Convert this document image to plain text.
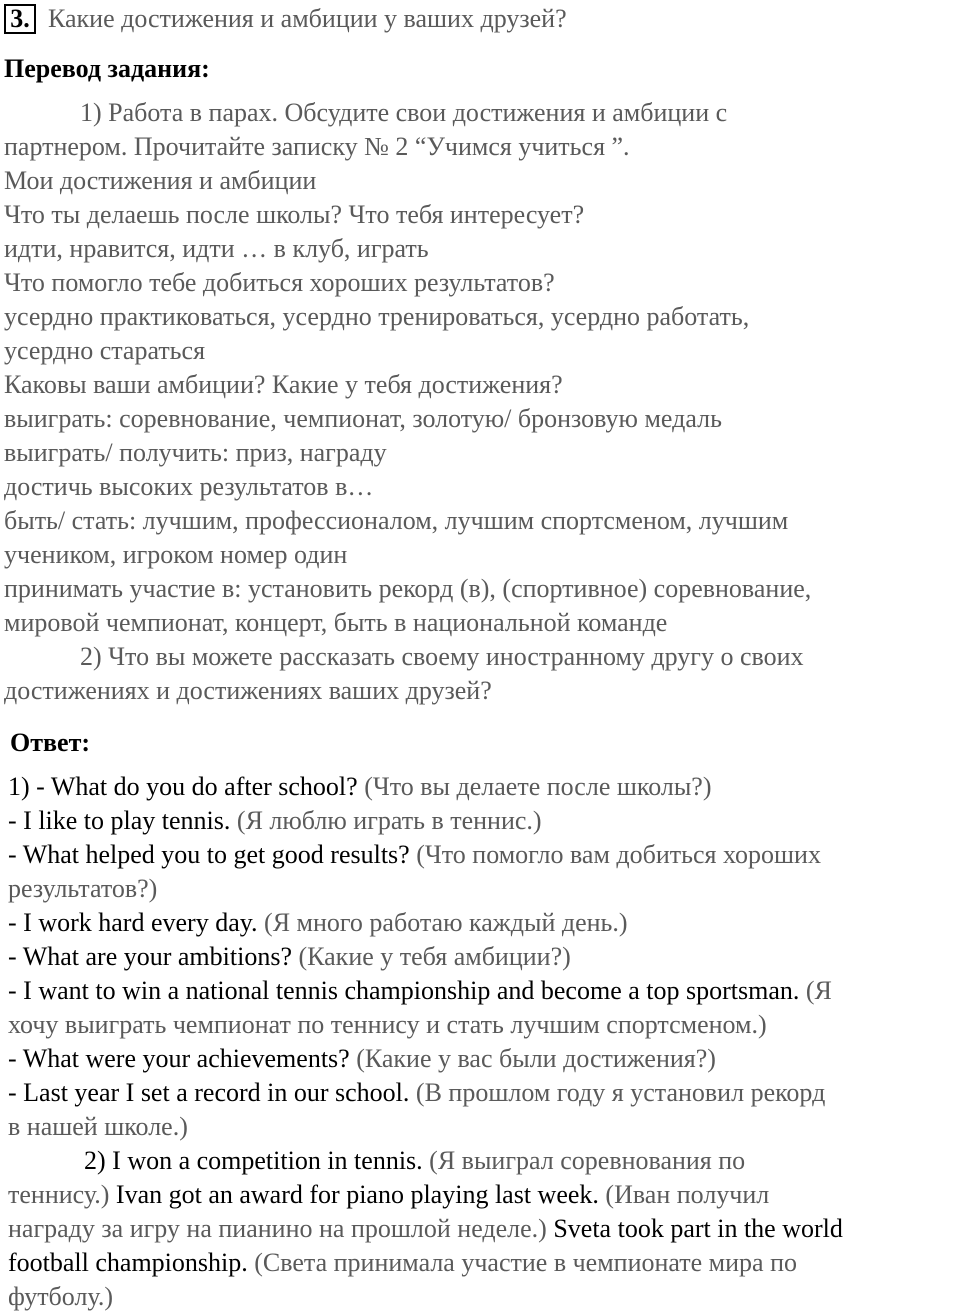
3. Какие достижения и амбиции у ваших друзей?
Перевод задания:
1) Работа в парах. Обсудите свои достижения и амбиции с
партнером. Прочитайте записку № 2 “Учимся учиться ”.
Мои достижения и амбиции
Что ты делаешь после школы? Что тебя интересует?
идти, нравится, идти … в клуб, играть
Что помогло тебе добиться хороших результатов?
усердно практиковаться, усердно тренироваться, усердно работать,
усердно стараться
Каковы ваши амбиции? Какие у тебя достижения?
выиграть: соревнование, чемпионат, золотую/ бронзовую медаль
выиграть/ получить: приз, награду
достичь высоких результатов в…
быть/ стать: лучшим, профессионалом, лучшим спортсменом, лучшим
учеником, игроком номер один
принимать участие в: установить рекорд (в), (спортивное) соревнование,
мировой чемпионат, концерт, быть в национальной команде
2) Что вы можете рассказать своему иностранному другу о своих
достижениях и достижениях ваших друзей?
Ответ:
1) - What do you do after school? (Что вы делаете после школы?)
- I like to play tennis. (Я люблю играть в теннис.)
- What helped you to get good results? (Что помогло вам добиться хороших
результатов?)
- I work hard every day. (Я много работаю каждый день.)
- What are your ambitions? (Какие у тебя амбиции?)
- I want to win a national tennis championship and become a top sportsman. (Я
хочу выиграть чемпионат по теннису и стать лучшим спортсменом.)
- What were your achievements? (Какие у вас были достижения?)
- Last year I set a record in our school. (В прошлом году я установил рекорд
в нашей школе.)
2) I won a competition in tennis. (Я выиграл соревнования по
теннису.) Ivan got an award for piano playing last week. (Иван получил
награду за игру на пианино на прошлой неделе.) Sveta took part in the world
football championship. (Света принимала участие в чемпионате мира по
футболу.)
